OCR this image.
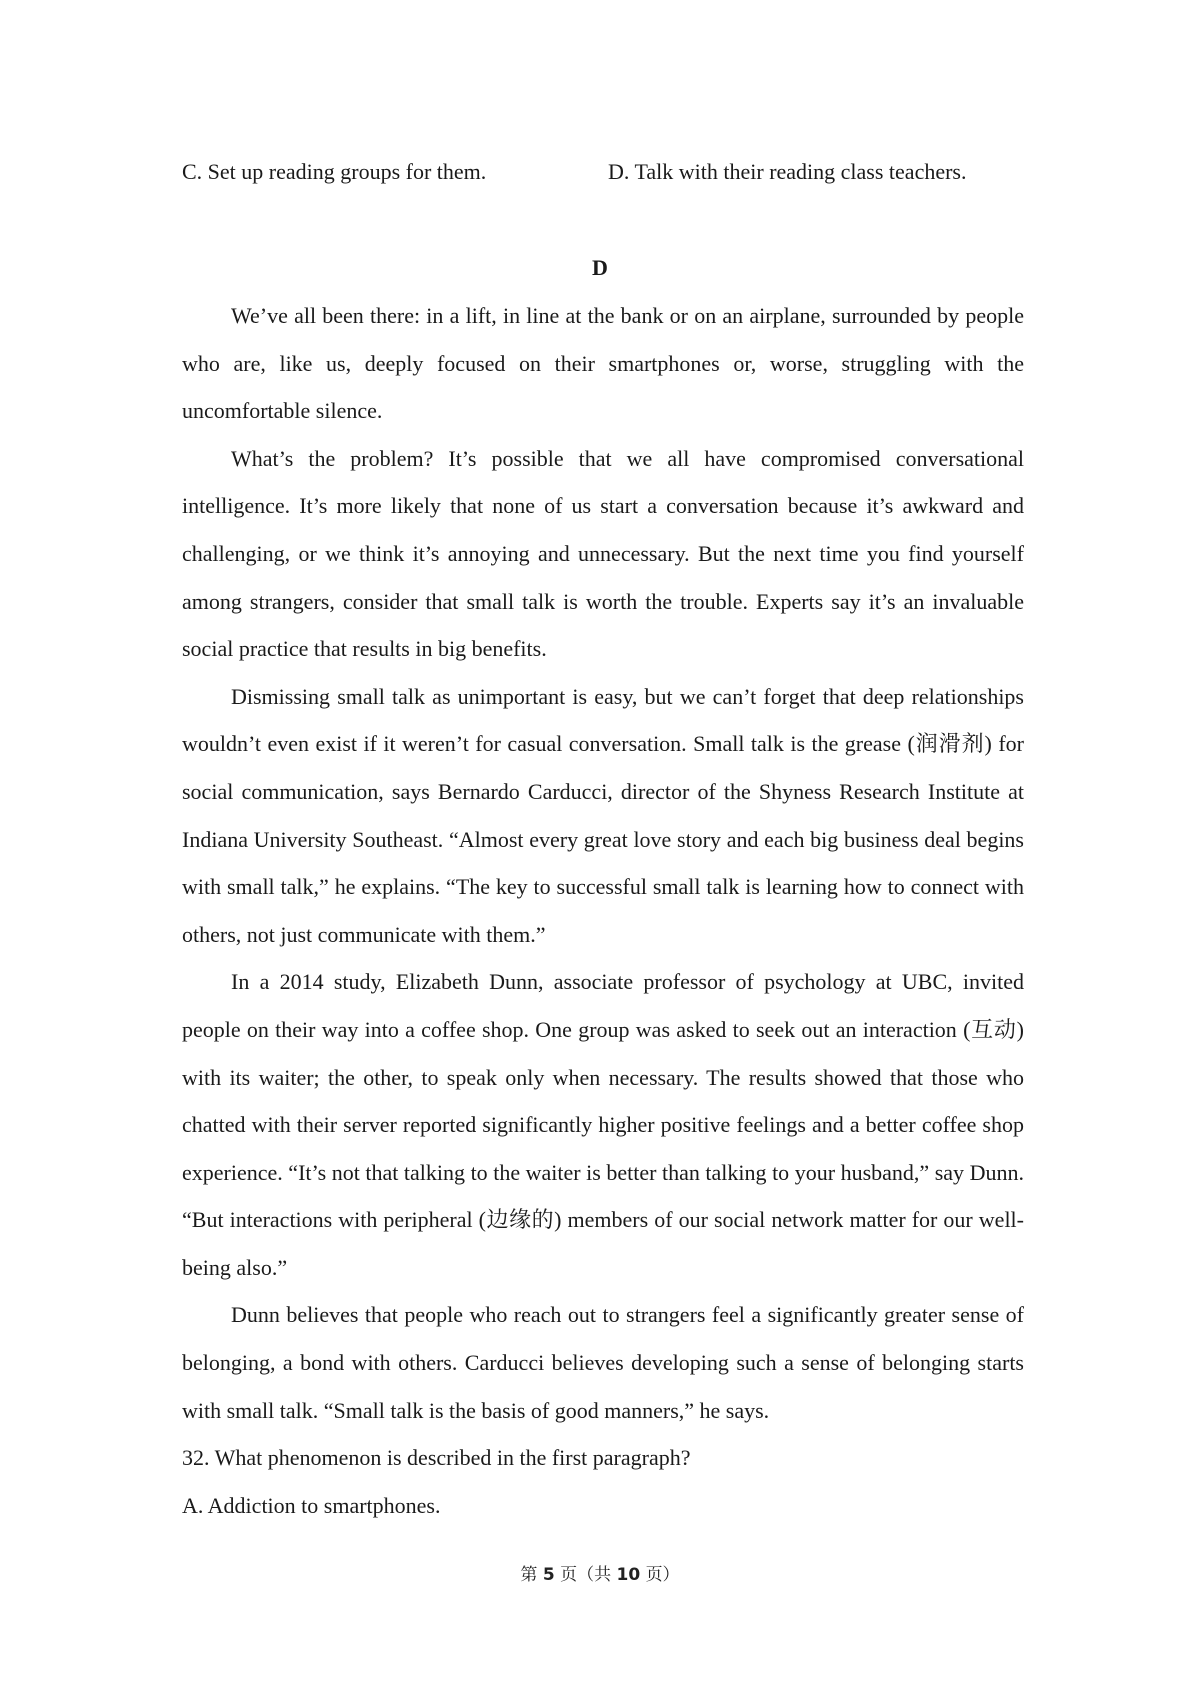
C. Set up reading groups for them.	D. Talk with their reading class teachers.
D

We’ve all been there: in a lift, in line at the bank or on an airplane, surrounded by people who are, like us, deeply focused on their smartphones or, worse, struggling with the uncomfortable silence.

What’s the problem? It’s possible that we all have compromised conversational intelligence. It’s more likely that none of us start a conversation because it’s awkward and challenging, or we think it’s annoying and unnecessary. But the next time you find yourself among strangers, consider that small talk is worth the trouble. Experts say it’s an invaluable social practice that results in big benefits.

Dismissing small talk as unimportant is easy, but we can’t forget that deep relationships wouldn’t even exist if it weren’t for casual conversation. Small talk is the grease (润滑剂) for social communication, says Bernardo Carducci, director of the Shyness Research Institute at Indiana University Southeast. “Almost every great love story and each big business deal begins with small talk,” he explains. “The key to successful small talk is learning how to connect with others, not just communicate with them.”

In a 2014 study, Elizabeth Dunn, associate professor of psychology at UBC, invited people on their way into a coffee shop. One group was asked to seek out an interaction (互动) with its waiter; the other, to speak only when necessary. The results showed that those who chatted with their server reported significantly higher positive feelings and a better coffee shop experience. “It’s not that talking to the waiter is better than talking to your husband,” say Dunn. “But interactions with peripheral (边缘的) members of our social network matter for our well-being also.”

Dunn believes that people who reach out to strangers feel a significantly greater sense of belonging, a bond with others. Carducci believes developing such a sense of belonging starts with small talk. “Small talk is the basis of good manners,” he says.

32. What phenomenon is described in the first paragraph?

A. Addiction to smartphones.

第 5 页（共 10 页）
